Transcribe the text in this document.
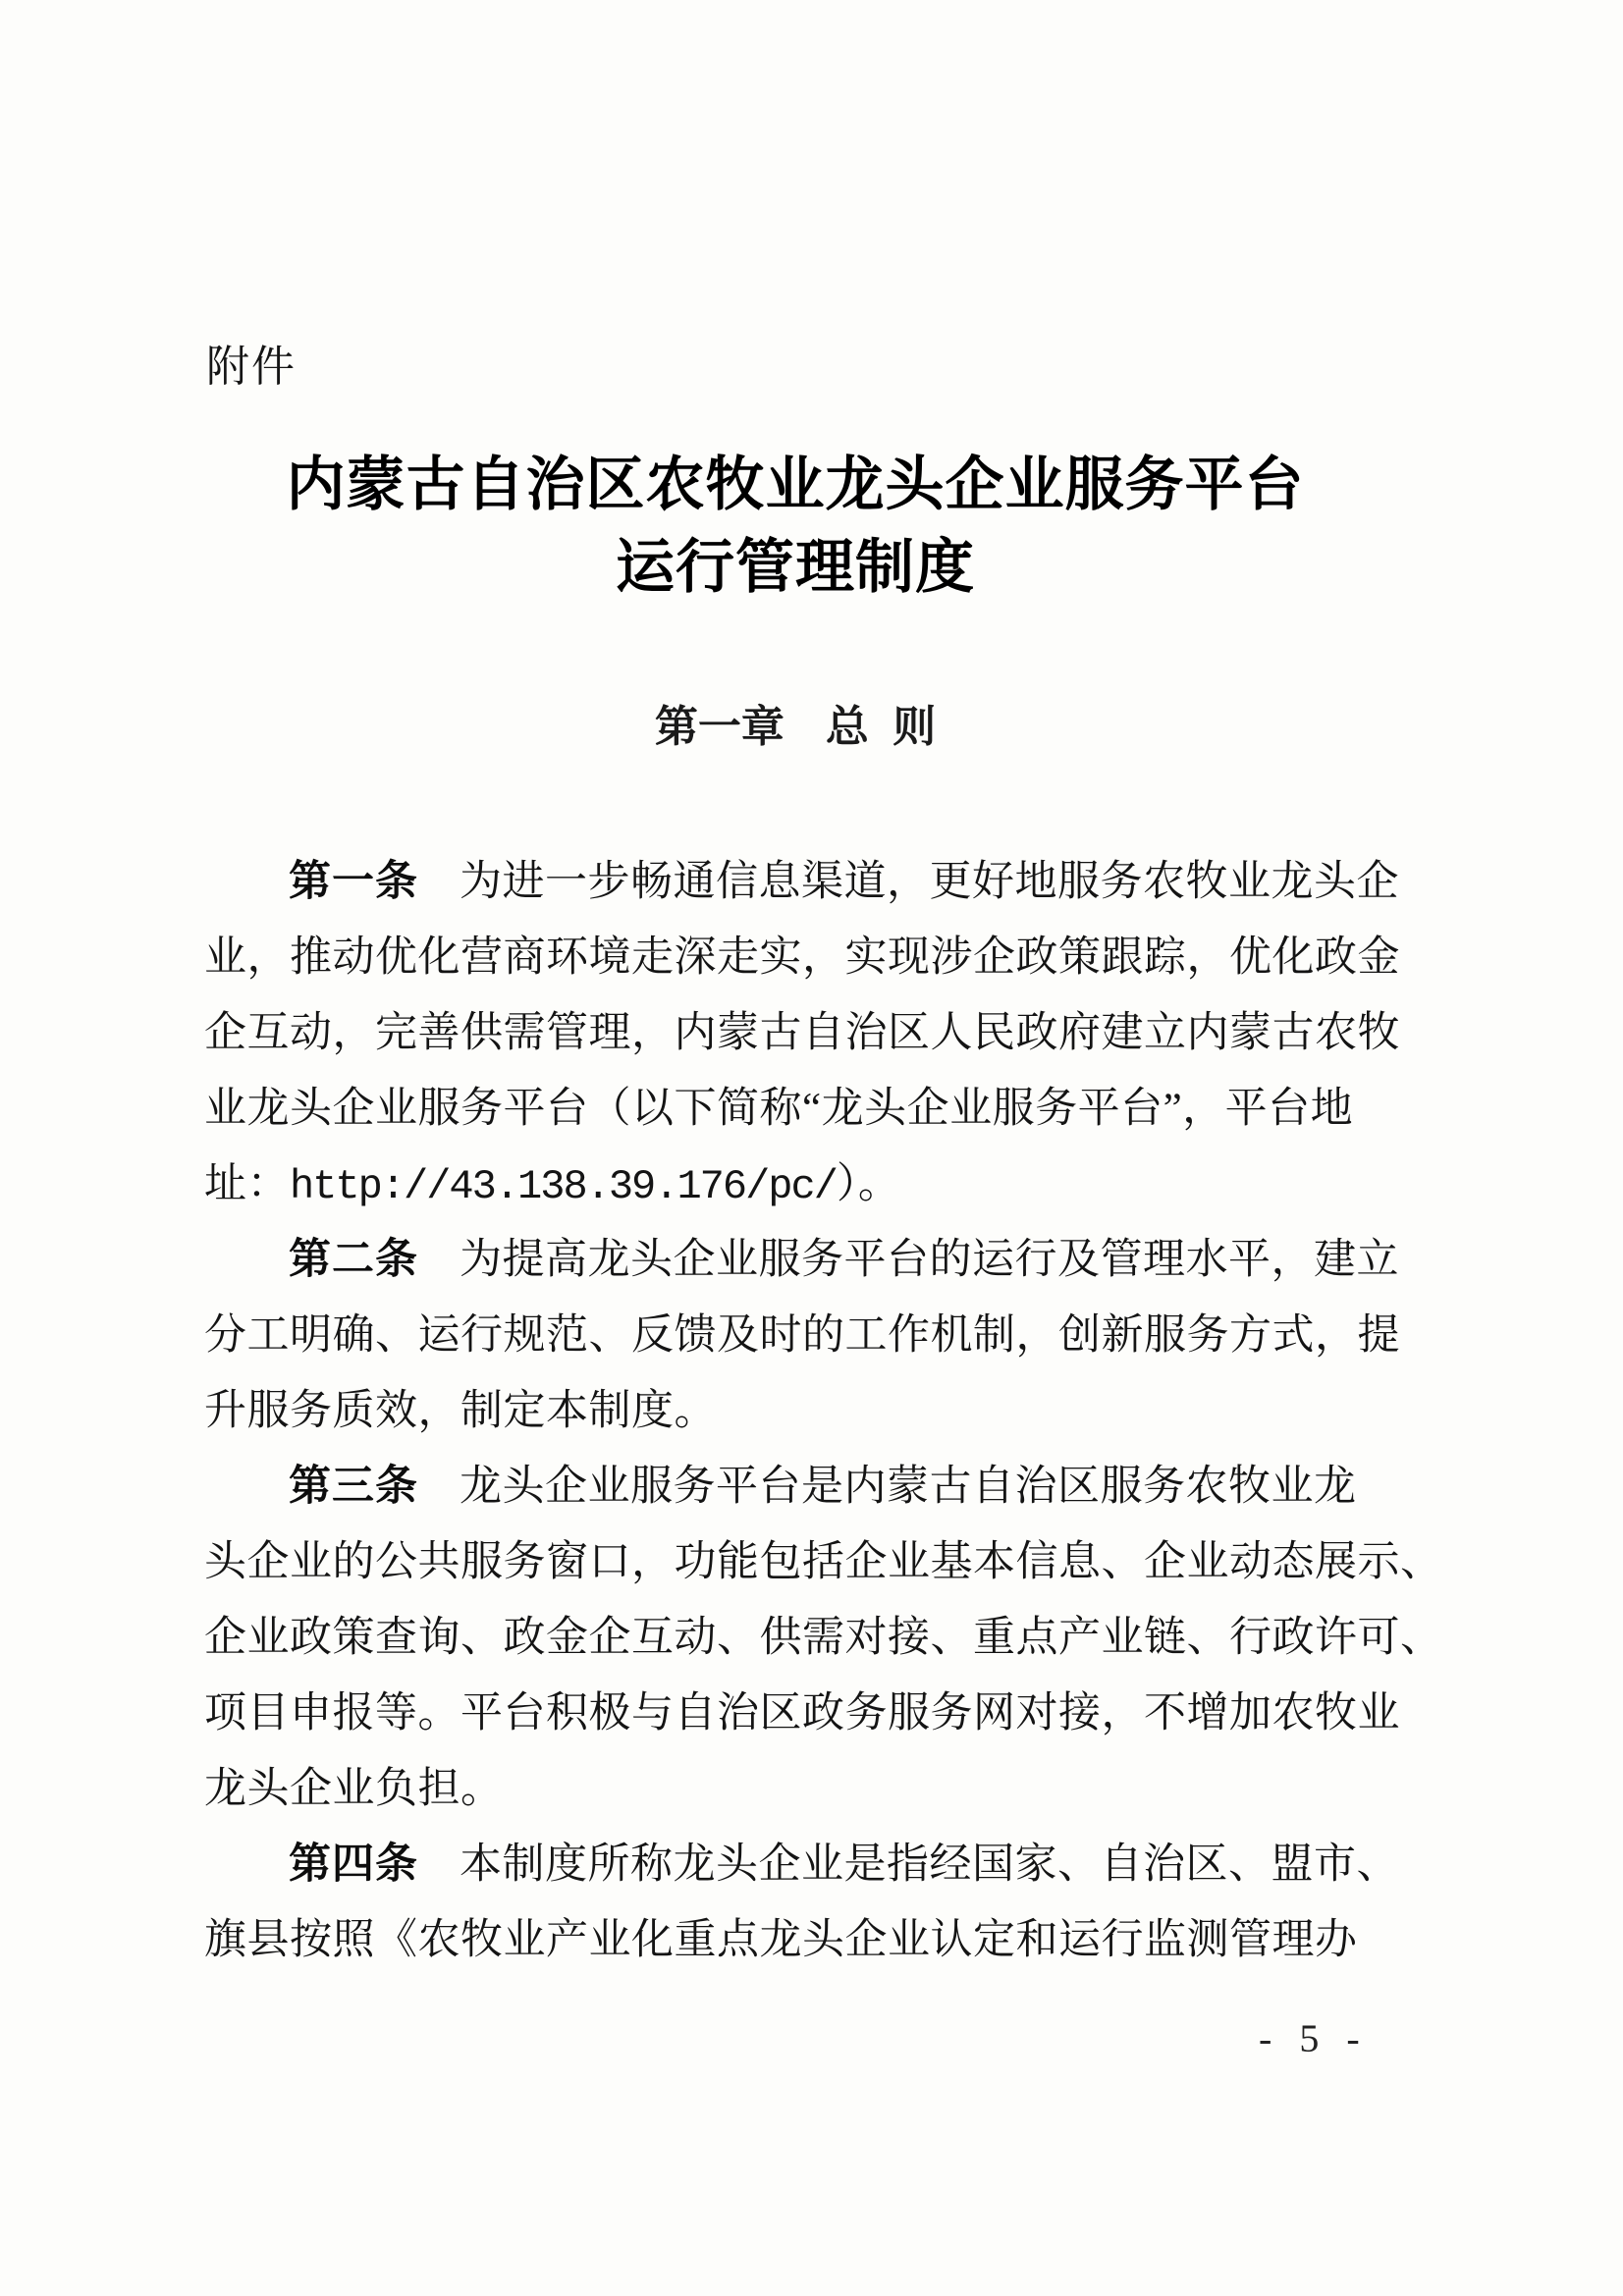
附件
内蒙古自治区农牧业龙头企业服务平台
运行管理制度
第一章 总 则
第一条 为进一步畅通信息渠道，更好地服务农牧业龙头企
业，推动优化营商环境走深走实，实现涉企政策跟踪，优化政金
企互动，完善供需管理，内蒙古自治区人民政府建立内蒙古农牧
业龙头企业服务平台（以下简称“龙头企业服务平台”，平台地
址：http://43.138.39.176/pc/）。
第二条 为提高龙头企业服务平台的运行及管理水平，建立
分工明确、运行规范、反馈及时的工作机制，创新服务方式，提
升服务质效，制定本制度。
第三条 龙头企业服务平台是内蒙古自治区服务农牧业龙
头企业的公共服务窗口，功能包括企业基本信息、企业动态展示、
企业政策查询、政金企互动、供需对接、重点产业链、行政许可、
项目申报等。平台积极与自治区政务服务网对接，不增加农牧业
龙头企业负担。
第四条 本制度所称龙头企业是指经国家、自治区、盟市、
旗县按照《农牧业产业化重点龙头企业认定和运行监测管理办
- 5 -
